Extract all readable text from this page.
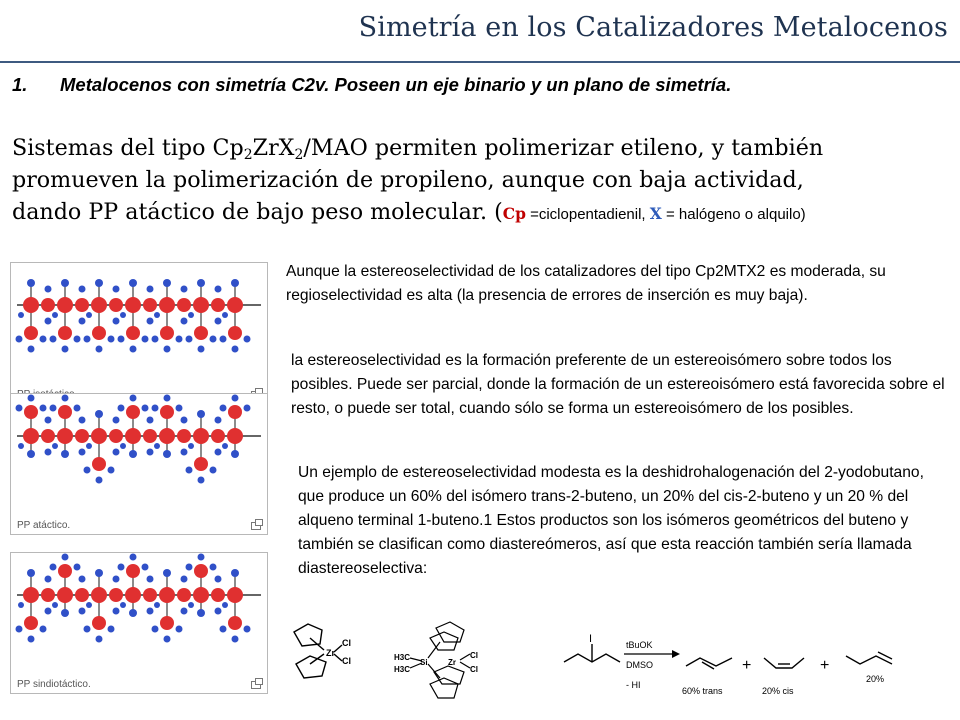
Simetría en los Catalizadores Metalocenos
1. Metalocenos con simetría C2v. Poseen un eje binario y un plano de simetría.
Sistemas del tipo $Cp_2ZrX_2$/MAO permiten polimerizar etileno, y también
promueven la polimerización de propileno, aunque con baja actividad,
dando PP atáctico de bajo peso molecular. (Cp =ciclopentadienil, X = halógeno o alquilo)
Aunque la estereoselectividad de los catalizadores del tipo Cp2MTX2 es moderada, su regioselectividad es alta (la presencia de errores de inserción es muy baja).
la estereoselectividad es la formación preferente de un estereoisómero sobre todos los posibles. Puede ser parcial, donde la formación de un estereoisómero está favorecida sobre el resto, o puede ser total, cuando sólo se forma un estereoisómero de los posibles.
Un ejemplo de estereoselectividad modesta es la deshidrohalogenación del 2-yodobutano, que produce un 60% del isómero trans-2-buteno, un 20% del cis-2-buteno y un 20 % del alqueno terminal 1-buteno.1 Estos productos son los isómeros geométricos del buteno y también se clasifican como diastereómeros, así que esta reacción también sería llamada diastereoselectiva:
PP atáctico.
PP sindiotáctico.
Zr
Cl
Cl	H3C
H3C
Si	Zr
Cl
Cl
I	tBuOK
DMSO
- HI
60% trans
+
20% cis
+
20%
